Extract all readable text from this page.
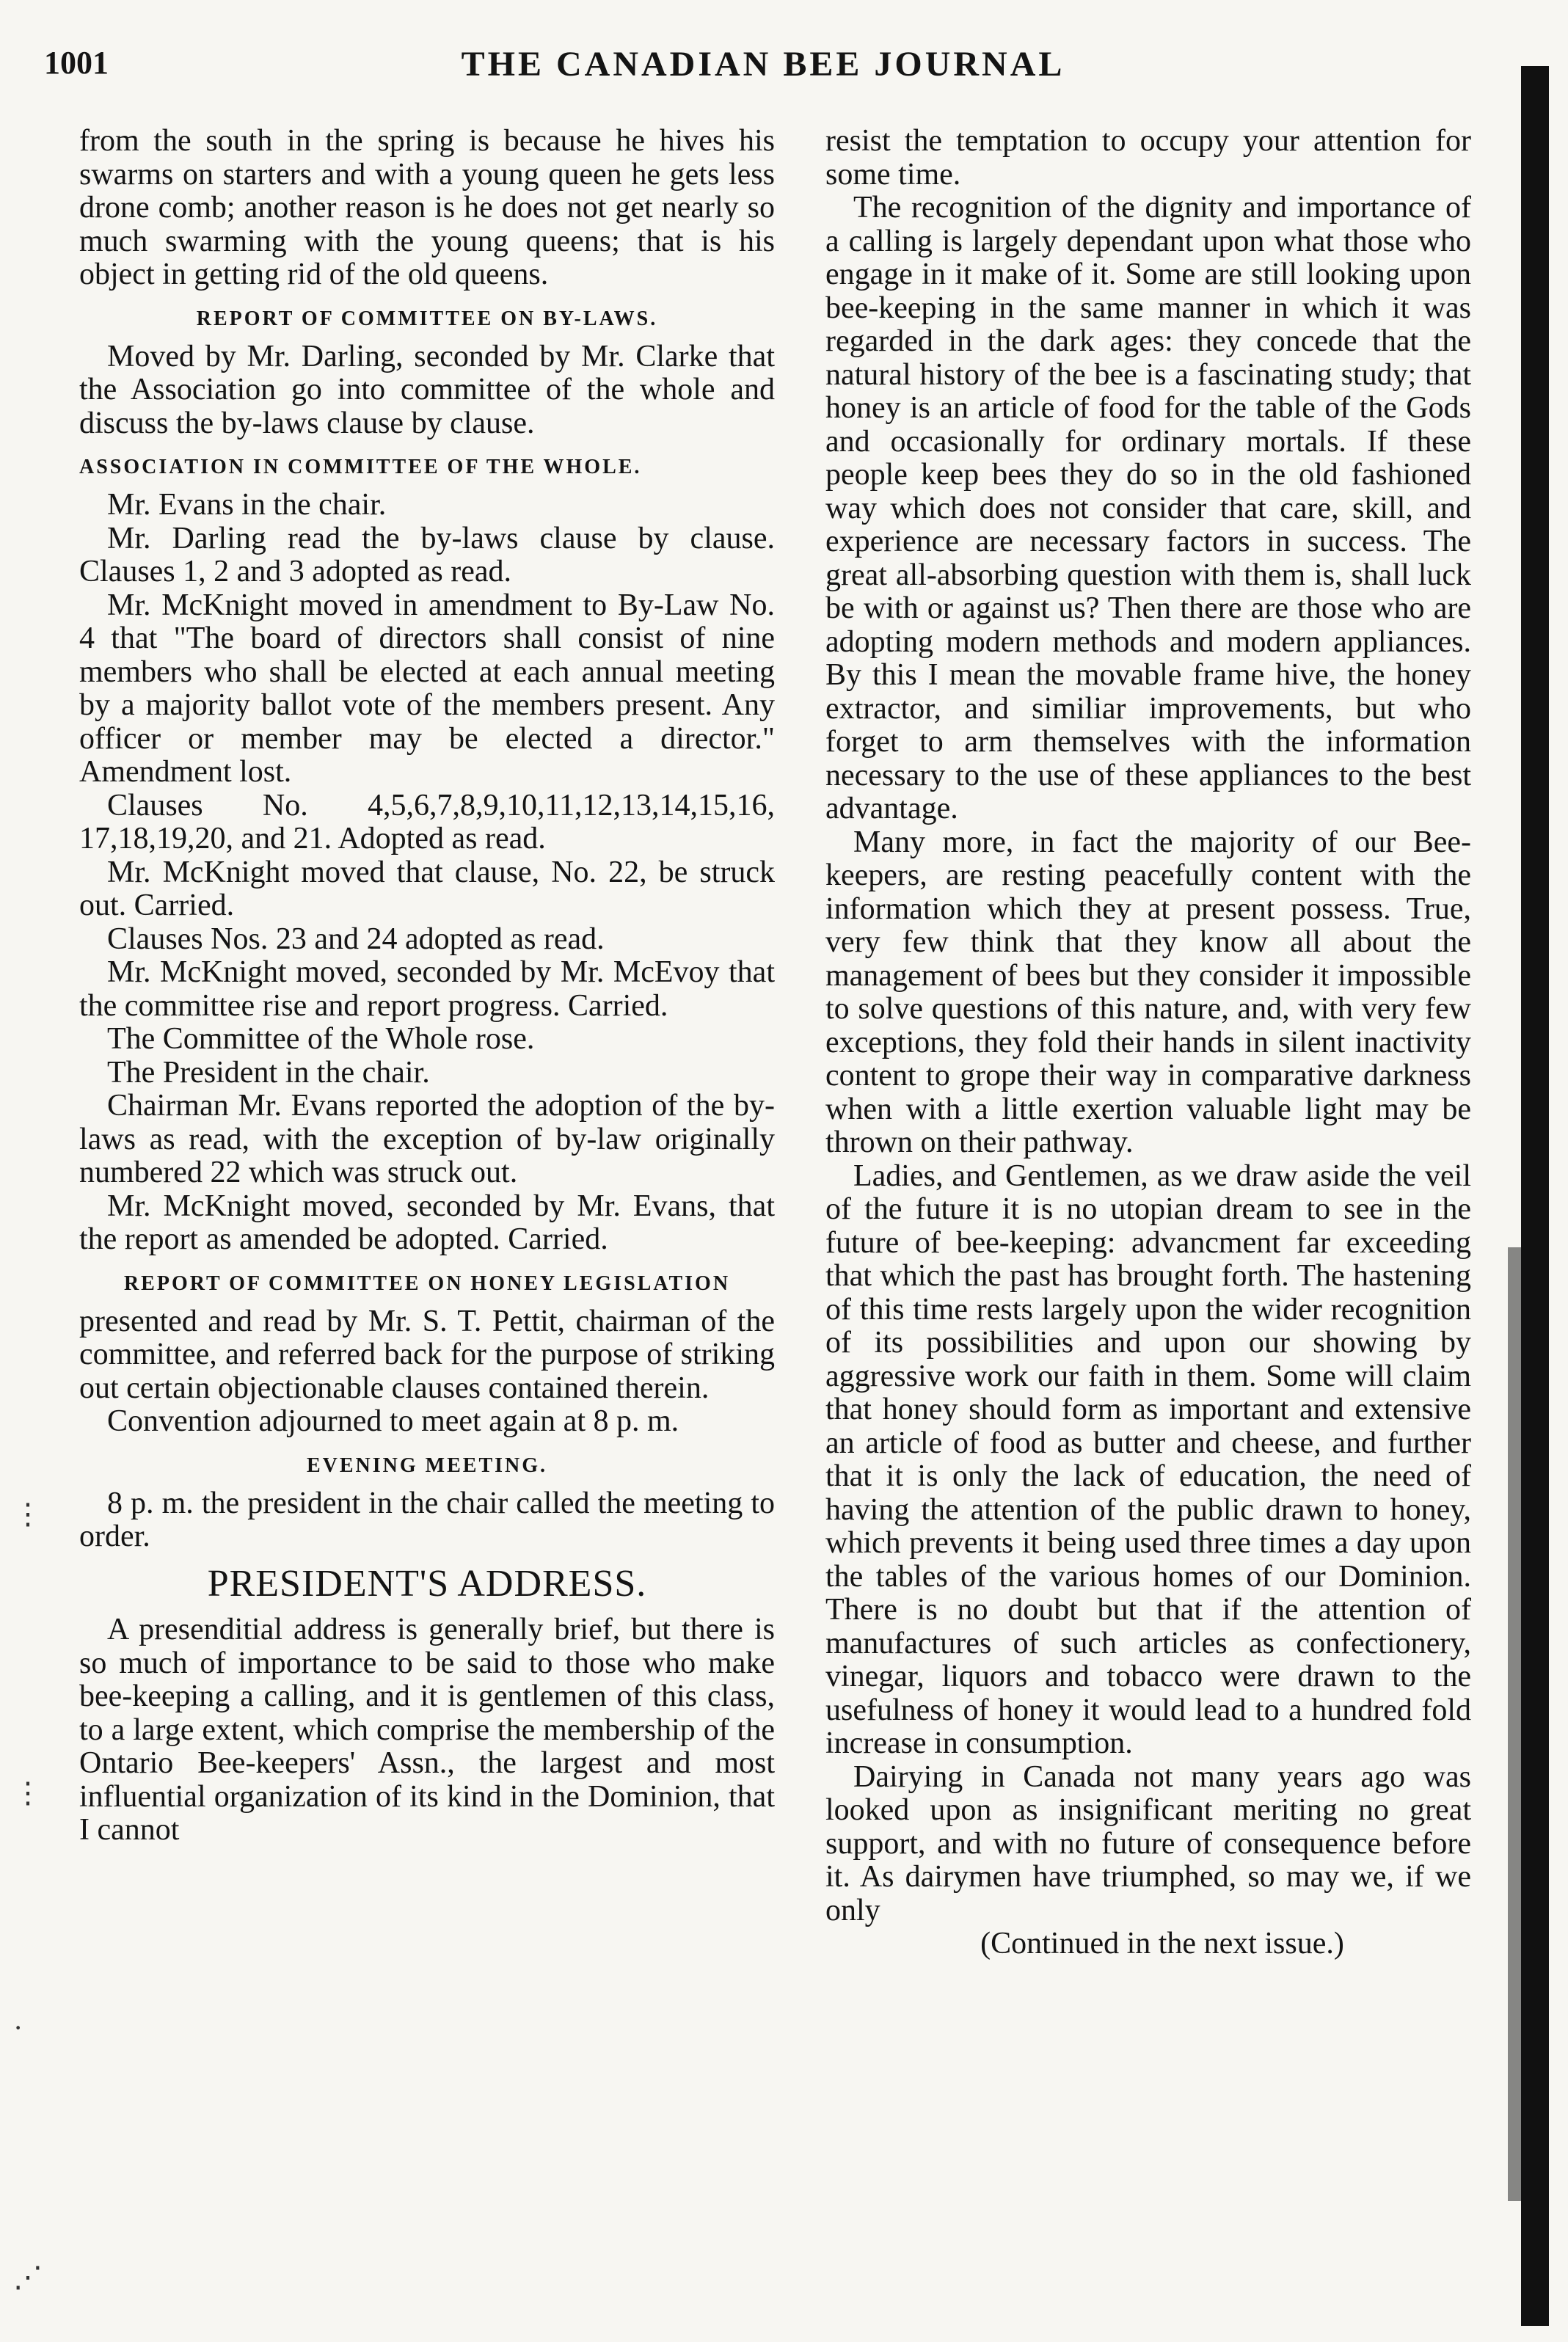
1001	THE CANADIAN BEE JOURNAL

from the south in the spring is because he hives his swarms on starters and with a young queen he gets less drone comb; another reason is he does not get nearly so much swarming with the young queens; that is his object in getting rid of the old queens.

REPORT OF COMMITTEE ON BY-LAWS.

Moved by Mr. Darling, seconded by Mr. Clarke that the Association go into committee of the whole and discuss the by-laws clause by clause.

ASSOCIATION IN COMMITTEE OF THE WHOLE.

Mr. Evans in the chair.

Mr. Darling read the by-laws clause by clause. Clauses 1, 2 and 3 adopted as read.

Mr. McKnight moved in amendment to By-Law No. 4 that "The board of directors shall consist of nine members who shall be elected at each annual meeting by a majority ballot vote of the members present. Any officer or member may be elected a director." Amendment lost.

Clauses No. 4,5,6,7,8,9,10,11,12,13,14,15,16, 17,18,19,20, and 21. Adopted as read.

Mr. McKnight moved that clause, No. 22, be struck out. Carried.

Clauses Nos. 23 and 24 adopted as read.

Mr. McKnight moved, seconded by Mr. McEvoy that the committee rise and report progress. Carried.

The Committee of the Whole rose.

The President in the chair.

Chairman Mr. Evans reported the adoption of the by-laws as read, with the exception of by-law originally numbered 22 which was struck out.

Mr. McKnight moved, seconded by Mr. Evans, that the report as amended be adopted. Carried.

REPORT OF COMMITTEE ON HONEY LEGISLATION

presented and read by Mr. S. T. Pettit, chairman of the committee, and referred back for the purpose of striking out certain objectionable clauses contained therein.

Convention adjourned to meet again at 8 p. m.

EVENING MEETING.

8 p. m. the president in the chair called the meeting to order.

PRESIDENT'S ADDRESS.

A presenditial address is generally brief, but there is so much of importance to be said to those who make bee-keeping a calling, and it is gentlemen of this class, to a large extent, which comprise the membership of the Ontario Bee-keepers' Assn., the largest and most influential organization of its kind in the Dominion, that I cannot

resist the temptation to occupy your attention for some time.

The recognition of the dignity and importance of a calling is largely dependant upon what those who engage in it make of it. Some are still looking upon bee-keeping in the same manner in which it was regarded in the dark ages: they concede that the natural history of the bee is a fascinating study; that honey is an article of food for the table of the Gods and occasionally for ordinary mortals. If these people keep bees they do so in the old fashioned way which does not consider that care, skill, and experience are necessary factors in success. The great all-absorbing question with them is, shall luck be with or against us? Then there are those who are adopting modern methods and modern appliances. By this I mean the movable frame hive, the honey extractor, and similiar improvements, but who forget to arm themselves with the information necessary to the use of these appliances to the best advantage.

Many more, in fact the majority of our Bee-keepers, are resting peacefully content with the information which they at present possess. True, very few think that they know all about the management of bees but they consider it impossible to solve questions of this nature, and, with very few exceptions, they fold their hands in silent inactivity content to grope their way in comparative darkness when with a little exertion valuable light may be thrown on their pathway.

Ladies, and Gentlemen, as we draw aside the veil of the future it is no utopian dream to see in the future of bee-keeping: advancment far exceeding that which the past has brought forth. The hastening of this time rests largely upon the wider recognition of its possibilities and upon our showing by aggressive work our faith in them. Some will claim that honey should form as important and extensive an article of food as butter and cheese, and further that it is only the lack of education, the need of having the attention of the public drawn to honey, which prevents it being used three times a day upon the tables of the various homes of our Dominion. There is no doubt but that if the attention of manufactures of such articles as confectionery, vinegar, liquors and tobacco were drawn to the usefulness of honey it would lead to a hundred fold increase in consumption.

Dairying in Canada not many years ago was looked upon as insignificant meriting no great support, and with no future of consequence before it. As dairymen have triumphed, so may we, if we only

(Continued in the next issue.)

⋮
⋮
·
⋰
